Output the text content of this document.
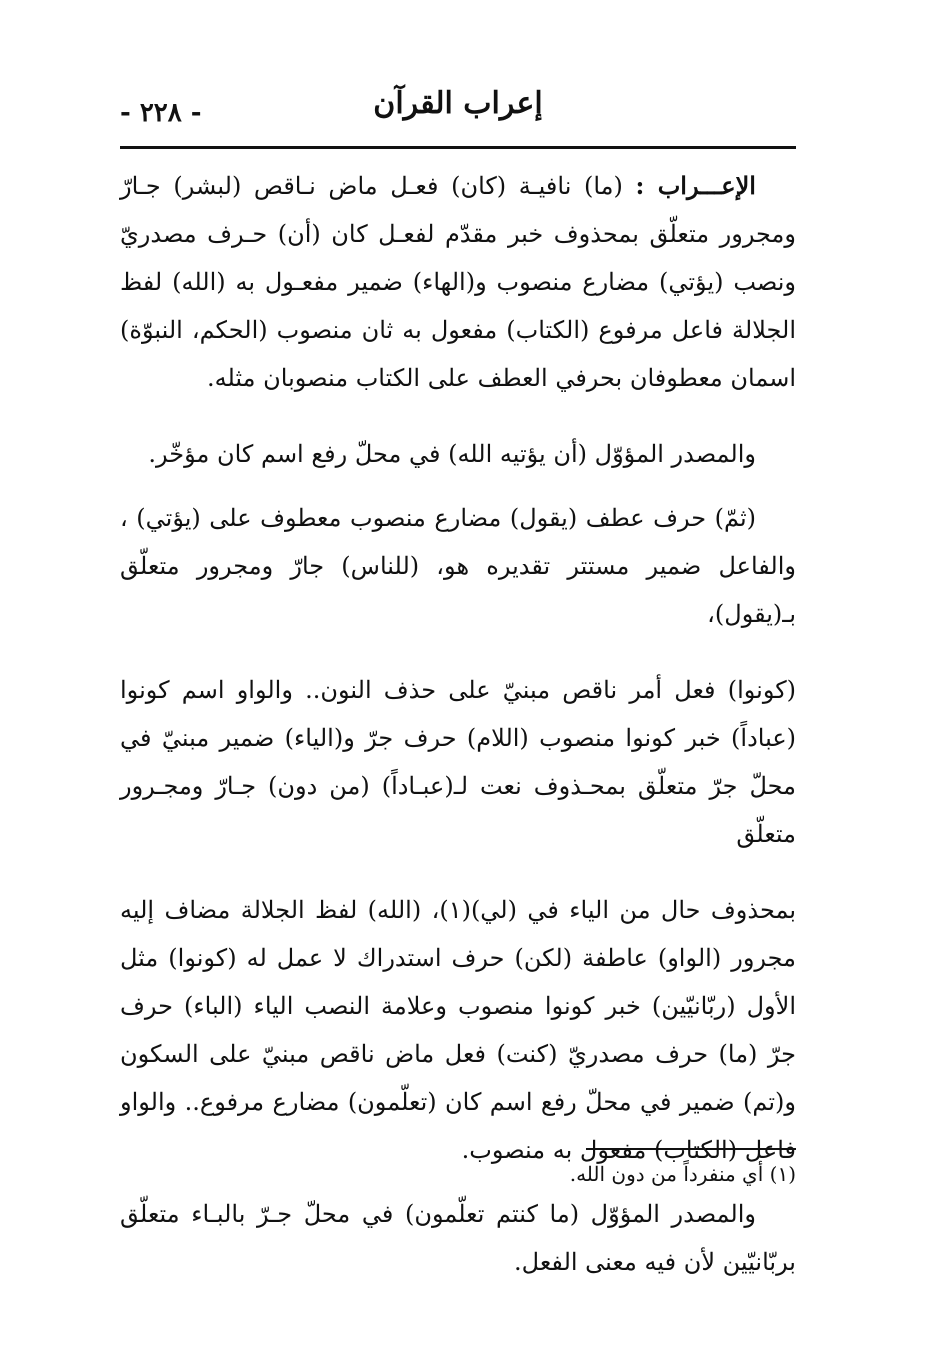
- ٢٢٨ -	إعراب القرآن

الإعـــراب : (ما) نافيـة (كان) فعـل ماض نـاقص (لبشر) جـارّ ومجرور متعلّق بمحذوف خبر مقدّم لفعـل كان (أن) حـرف مصدريّ ونصب (يؤتي) مضارع منصوب و(الهاء) ضمير مفعـول به (الله) لفظ الجلالة فاعل مرفوع (الكتاب) مفعول به ثان منصوب (الحكم، النبوّة) اسمان معطوفان بحرفي العطف على الكتاب منصوبان مثله.

والمصدر المؤوّل (أن يؤتيه الله) في محلّ رفع اسم كان مؤخّر.

(ثمّ) حرف عطف (يقول) مضارع منصوب معطوف على (يؤتي) ، والفاعل ضمير مستتر تقديره هو، (للناس) جارّ ومجرور متعلّق بـ(يقول)،

(كونوا) فعل أمر ناقص مبنيّ على حذف النون.. والواو اسم كونوا (عباداً) خبر كونوا منصوب (اللام) حرف جرّ و(الياء) ضمير مبنيّ في محلّ جرّ متعلّق بمحـذوف نعت لـ(عبـاداً) (من دون) جـارّ ومجـرور متعلّق

بمحذوف حال من الياء في (لي)(١)، (الله) لفظ الجلالة مضاف إليه مجرور (الواو) عاطفة (لكن) حرف استدراك لا عمل له (كونوا) مثل الأول (ربّانيّين) خبر كونوا منصوب وعلامة النصب الياء (الباء) حرف جرّ (ما) حرف مصدريّ (كنت) فعل ماض ناقص مبنيّ على السكون و(تم) ضمير في محلّ رفع اسم كان (تعلّمون) مضارع مرفوع.. والواو فاعل (الكتاب) مفعول به منصوب.

والمصدر المؤوّل (ما كنتم تعلّمون) في محلّ جـرّ بالبـاء متعلّق بربّانيّين لأن فيه معنى الفعل.

(١) أي منفرداً من دون الله.
